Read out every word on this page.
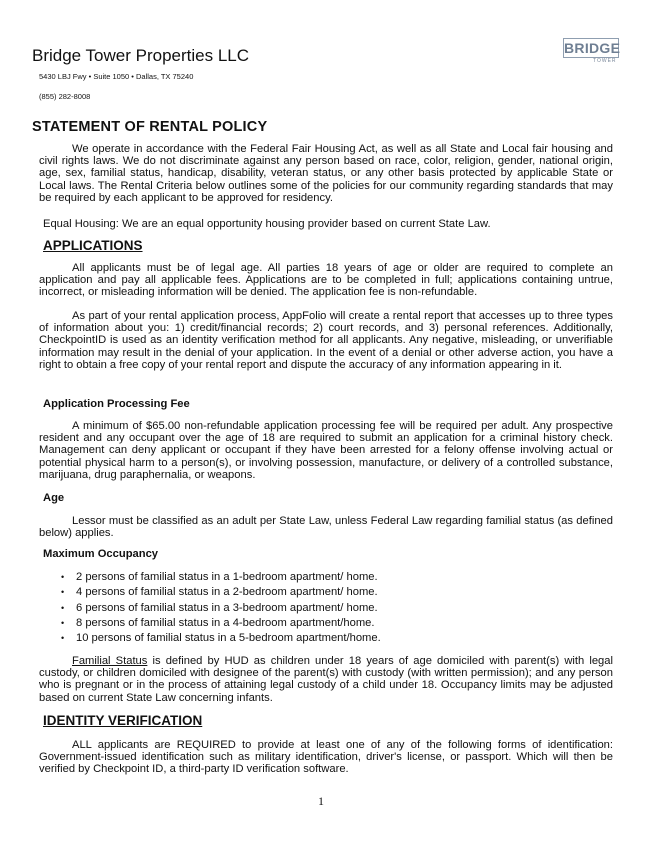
Bridge Tower Properties LLC
5430 LBJ Fwy • Suite 1050 • Dallas, TX 75240
(855) 282-8008
BRIDGE
TOWER
STATEMENT OF RENTAL POLICY

We operate in accordance with the Federal Fair Housing Act, as well as all State and Local fair housing and civil rights laws. We do not discriminate against any person based on race, color, religion, gender, national origin, age, sex, familial status, handicap, disability, veteran status, or any other basis protected by applicable State or Local laws. The Rental Criteria below outlines some of the policies for our community regarding standards that may be required by each applicant to be approved for residency.

Equal Housing: We are an equal opportunity housing provider based on current State Law.
APPLICATIONS

All applicants must be of legal age. All parties 18 years of age or older are required to complete an application and pay all applicable fees. Applications are to be completed in full; applications containing untrue, incorrect, or misleading information will be denied. The application fee is non-refundable.

As part of your rental application process, AppFolio will create a rental report that accesses up to three types of information about you: 1) credit/financial records; 2) court records, and 3) personal references. Additionally, CheckpointID is used as an identity verification method for all applicants. Any negative, misleading, or unverifiable information may result in the denial of your application. In the event of a denial or other adverse action, you have a right to obtain a free copy of your rental report and dispute the accuracy of any information appearing in it.

Application Processing Fee

A minimum of $65.00 non-refundable application processing fee will be required per adult. Any prospective resident and any occupant over the age of 18 are required to submit an application for a criminal history check. Management can deny applicant or occupant if they have been arrested for a felony offense involving actual or potential physical harm to a person(s), or involving possession, manufacture, or delivery of a controlled substance, marijuana, drug paraphernalia, or weapons.

Age

Lessor must be classified as an adult per State Law, unless Federal Law regarding familial status (as defined below) applies.

Maximum Occupancy
• 2 persons of familial status in a 1-bedroom apartment/ home.
• 4 persons of familial status in a 2-bedroom apartment/ home.
• 6 persons of familial status in a 3-bedroom apartment/ home.
• 8 persons of familial status in a 4-bedroom apartment/home.
• 10 persons of familial status in a 5-bedroom apartment/home.

Familial Status is defined by HUD as children under 18 years of age domiciled with parent(s) with legal custody, or children domiciled with designee of the parent(s) with custody (with written permission); and any person who is pregnant or in the process of attaining legal custody of a child under 18. Occupancy limits may be adjusted based on current State Law concerning infants.

IDENTITY VERIFICATION

ALL applicants are REQUIRED to provide at least one of any of the following forms of identification: Government-issued identification such as military identification, driver's license, or passport. Which will then be verified by Checkpoint ID, a third-party ID verification software.

1
